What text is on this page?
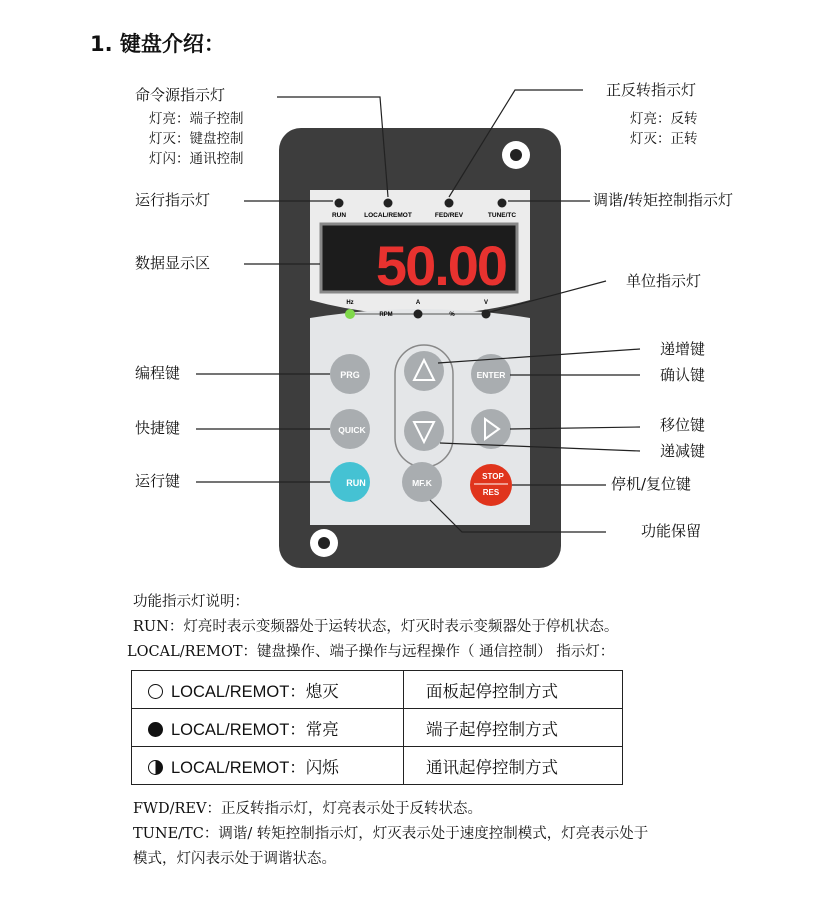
1. 键盘介绍：
RUN	LOCAL/REMOT	FED/REV	TUNE/TC
50.00
Hz
RPM
A
%
V
PRG	ENTER
QUICK
RUN	MF.K
STOP
RES
命令源指示灯
灯亮：端子控制
灯灭：键盘控制
灯闪：通讯控制
正反转指示灯
灯亮：反转
灯灭：正转
运行指示灯	调谐/转矩控制指示灯
数据显示区
单位指示灯
递增键
确认键
编程键
快捷键	移位键
递减键
运行键	停机/复位键
功能保留
功能指示灯说明：
RUN：灯亮时表示变频器处于运转状态，灯灭时表示变频器处于停机状态。
LOCAL/REMOT：键盘操作、端子操作与远程操作（ 通信控制） 指示灯：
LOCAL/REMOT：熄灭	面板起停控制方式
LOCAL/REMOT：常亮	端子起停控制方式
LOCAL/REMOT：闪烁	通讯起停控制方式
FWD/REV：正反转指示灯，灯亮表示处于反转状态。
TUNE/TC：调谐/ 转矩控制指示灯，灯灭表示处于速度控制模式，灯亮表示处于
模式，灯闪表示处于调谐状态。
